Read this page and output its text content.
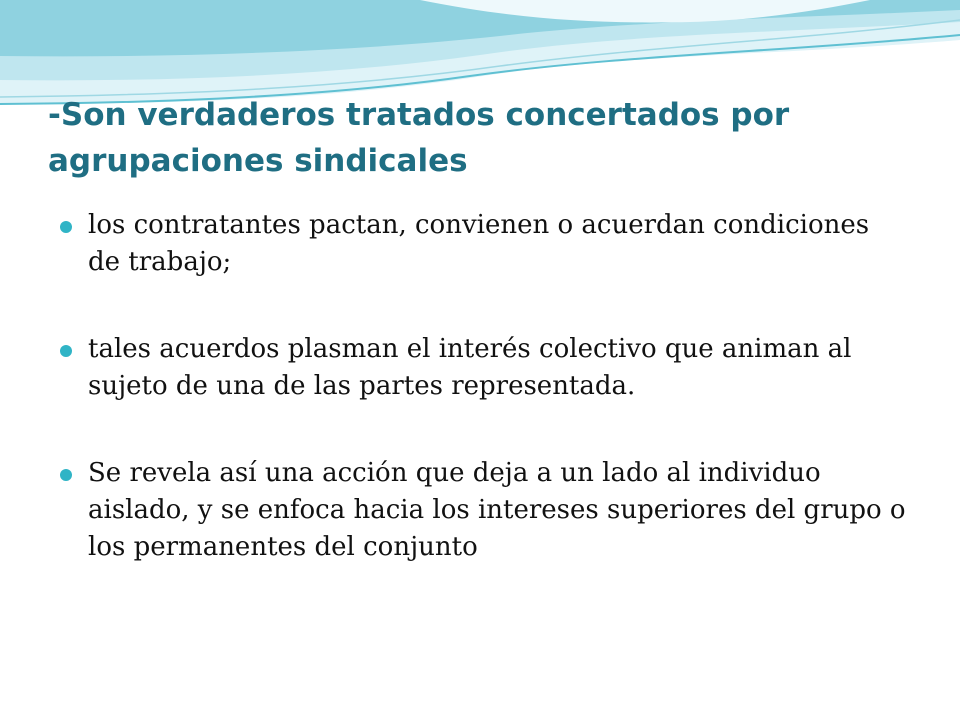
-Son verdaderos tratados concertados por agrupaciones sindicales
los contratantes pactan, convienen o acuerdan condiciones de trabajo;
tales acuerdos plasman el interés colectivo que animan al sujeto de una de las partes representada.
Se revela así una acción que deja a un lado al individuo aislado, y se enfoca hacia los intereses superiores del grupo o los permanentes del conjunto
